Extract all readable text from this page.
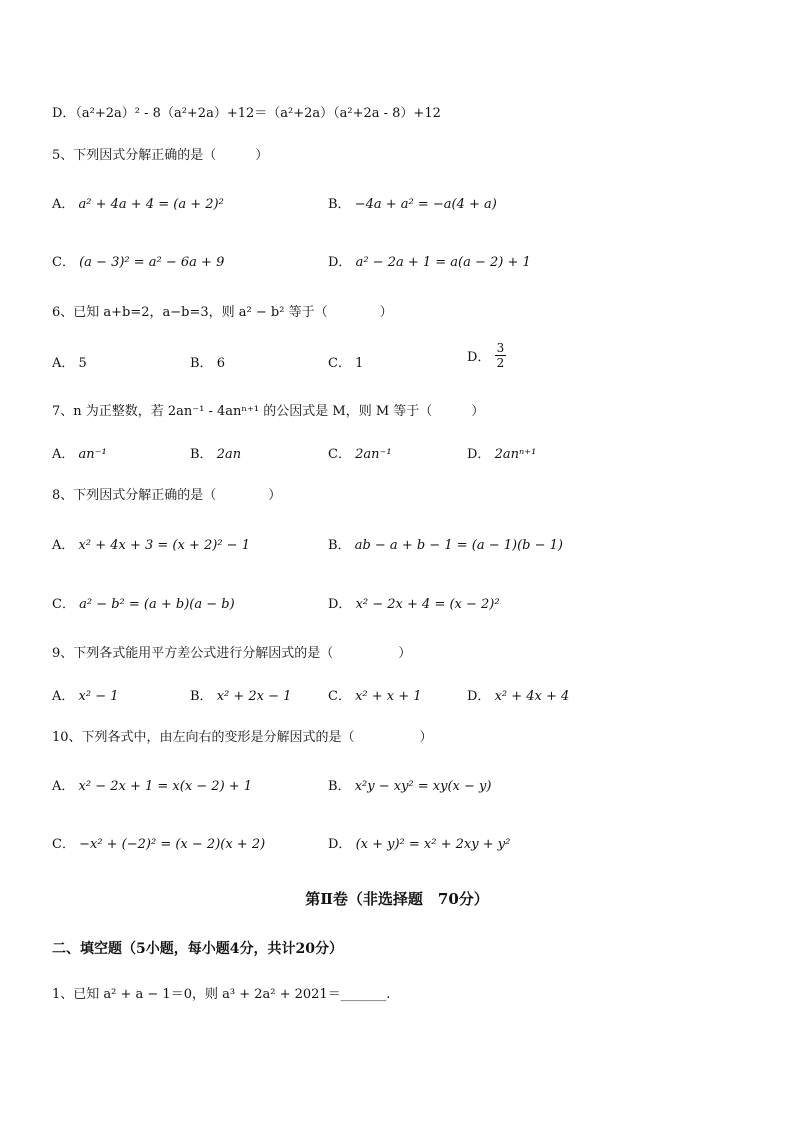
D．（a²+2a）² - 8（a²+2a）+12＝（a²+2a）（a²+2a - 8）+12
5、下列因式分解正确的是（　　　）
A． a² + 4a + 4 = (a + 2)²	B． −4a + a² = −a(4 + a)
C． (a − 3)² = a² − 6a + 9	D． a² − 2a + 1 = a(a − 2) + 1
6、已知 a+b=2，a−b=3，则 a² − b² 等于（　　　　）
A． 5	B． 6	C． 1	D． $\frac{3}{2}$
7、n 为正整数，若 2an⁻¹ - 4anⁿ⁺¹ 的公因式是 M，则 M 等于（　　　）
A． an⁻¹	B． 2an	C． 2an⁻¹	D． 2anⁿ⁺¹
8、下列因式分解正确的是（　　　　）
A． x² + 4x + 3 = (x + 2)² − 1	B． ab − a + b − 1 = (a − 1)(b − 1)
C． a² − b² = (a + b)(a − b)	D． x² − 2x + 4 = (x − 2)²
9、下列各式能用平方差公式进行分解因式的是（　　　　　）
A． x² − 1	B． x² + 2x − 1	C． x² + x + 1	D． x² + 4x + 4
10、下列各式中，由左向右的变形是分解因式的是（　　　　　）
A． x² − 2x + 1 = x(x − 2) + 1	B． x²y − xy² = xy(x − y)
C． −x² + (−2)² = (x − 2)(x + 2)	D． (x + y)² = x² + 2xy + y²
第Ⅱ卷（非选择题　70分）
二、填空题（5小题，每小题4分，共计20分）
1、已知 a² + a − 1＝0，则 a³ + 2a² + 2021＝_______.
